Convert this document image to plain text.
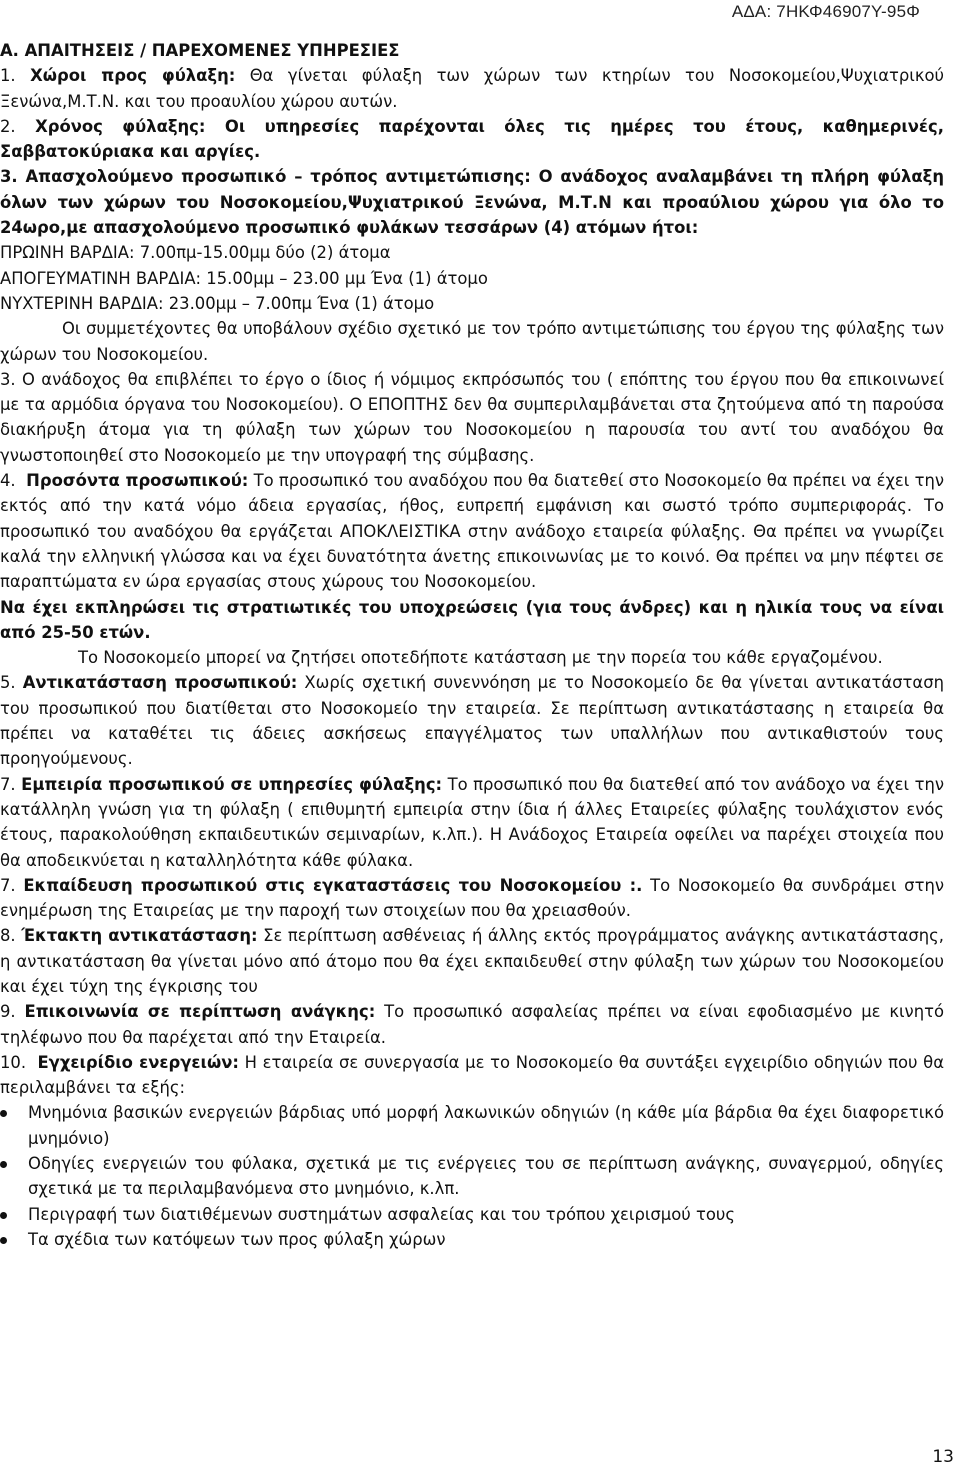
ΑΔΑ: 7ΗΚΦ46907Υ-95Φ

Α. ΑΠΑΙΤΗΣΕΙΣ / ΠΑΡΕΧΟΜΕΝΕΣ ΥΠΗΡΕΣΙΕΣ

1. Χώροι προς φύλαξη: Θα γίνεται φύλαξη των χώρων των κτηρίων του Νοσοκομείου,Ψυχιατρικού Ξενώνα,Μ.Τ.Ν. και του προαυλίου χώρου αυτών.

2. Χρόνος φύλαξης: Οι υπηρεσίες παρέχονται όλες τις ημέρες του έτους, καθημερινές, Σαββατοκύριακα και αργίες.

3. Απασχολούμενο προσωπικό – τρόπος αντιμετώπισης: Ο ανάδοχος αναλαμβάνει τη πλήρη φύλαξη όλων των χώρων του Νοσοκομείου,Ψυχιατρικού Ξενώνα, Μ.Τ.Ν και προαύλιου χώρου για όλο το 24ωρο,με απασχολούμενο προσωπικό φυλάκων τεσσάρων (4) ατόμων ήτοι:

ΠΡΩΙΝΗ ΒΑΡΔΙΑ: 7.00πμ-15.00μμ δύο (2) άτομα

ΑΠΟΓΕΥΜΑΤΙΝΗ ΒΑΡΔΙΑ: 15.00μμ – 23.00 μμ Ένα (1) άτομο

ΝΥΧΤΕΡΙΝΗ ΒΑΡΔΙΑ: 23.00μμ – 7.00πμ Ένα (1) άτομο

Οι συμμετέχοντες θα υποβάλουν σχέδιο σχετικό με τον τρόπο αντιμετώπισης του έργου της φύλαξης των χώρων του Νοσοκομείου.

3. Ο ανάδοχος θα επιβλέπει το έργο ο ίδιος ή νόμιμος εκπρόσωπός του ( επόπτης του έργου που θα επικοινωνεί με τα αρμόδια όργανα του Νοσοκομείου). Ο ΕΠΟΠΤΗΣ δεν θα συμπεριλαμβάνεται στα ζητούμενα από τη παρούσα διακήρυξη άτομα για τη φύλαξη των χώρων του Νοσοκομείου η παρουσία του αντί του αναδόχου θα γνωστοποιηθεί στο Νοσοκομείο με την υπογραφή της σύμβασης.

4. Προσόντα προσωπικού: Το προσωπικό του αναδόχου που θα διατεθεί στο Νοσοκομείο θα πρέπει να έχει την εκτός από την κατά νόμο άδεια εργασίας, ήθος, ευπρεπή εμφάνιση και σωστό τρόπο συμπεριφοράς. Το προσωπικό του αναδόχου θα εργάζεται ΑΠΟΚΛΕΙΣΤΙΚΑ στην ανάδοχο εταιρεία φύλαξης. Θα πρέπει να γνωρίζει καλά την ελληνική γλώσσα και να έχει δυνατότητα άνετης επικοινωνίας με το κοινό. Θα πρέπει να μην πέφτει σε παραπτώματα εν ώρα εργασίας στους χώρους του Νοσοκομείου.

Να έχει εκπληρώσει τις στρατιωτικές του υποχρεώσεις (για τους άνδρες) και η ηλικία τους να είναι από 25-50 ετών.

Το Νοσοκομείο μπορεί να ζητήσει οποτεδήποτε κατάσταση με την πορεία του κάθε εργαζομένου.

5. Αντικατάσταση προσωπικού: Χωρίς σχετική συνεννόηση με το Νοσοκομείο δε θα γίνεται αντικατάσταση του προσωπικού που διατίθεται στο Νοσοκομείο την εταιρεία. Σε περίπτωση αντικατάστασης η εταιρεία θα πρέπει να καταθέτει τις άδειες ασκήσεως επαγγέλματος των υπαλλήλων που αντικαθιστούν τους προηγούμενους.

7. Εμπειρία προσωπικού σε υπηρεσίες φύλαξης: Το προσωπικό που θα διατεθεί από τον ανάδοχο να έχει την κατάλληλη γνώση για τη φύλαξη ( επιθυμητή εμπειρία στην ίδια ή άλλες Εταιρείες φύλαξης τουλάχιστον ενός έτους, παρακολούθηση εκπαιδευτικών σεμιναρίων, κ.λπ.). Η Ανάδοχος Εταιρεία οφείλει να παρέχει στοιχεία που θα αποδεικνύεται η καταλληλότητα κάθε φύλακα.

7. Εκπαίδευση προσωπικού στις εγκαταστάσεις του Νοσοκομείου :. Το Νοσοκομείο θα συνδράμει στην ενημέρωση της Εταιρείας με την παροχή των στοιχείων που θα χρειασθούν.

8. Έκτακτη αντικατάσταση: Σε περίπτωση ασθένειας ή άλλης εκτός προγράμματος ανάγκης αντικατάστασης, η αντικατάσταση θα γίνεται μόνο από άτομο που θα έχει εκπαιδευθεί στην φύλαξη των χώρων του Νοσοκομείου και έχει τύχη της έγκρισης του

9. Επικοινωνία σε περίπτωση ανάγκης: Το προσωπικό ασφαλείας πρέπει να είναι εφοδιασμένο με κινητό τηλέφωνο που θα παρέχεται από την Εταιρεία.

10. Εγχειρίδιο ενεργειών: Η εταιρεία σε συνεργασία με το Νοσοκομείο θα συντάξει εγχειρίδιο οδηγιών που θα περιλαμβάνει τα εξής:

Μνημόνια βασικών ενεργειών βάρδιας υπό μορφή λακωνικών οδηγιών (η κάθε μία βάρδια θα έχει διαφορετικό μνημόνιο)
Οδηγίες ενεργειών του φύλακα, σχετικά με τις ενέργειες του σε περίπτωση ανάγκης, συναγερμού, οδηγίες σχετικά με τα περιλαμβανόμενα στο μνημόνιο, κ.λπ.
Περιγραφή των διατιθέμενων συστημάτων ασφαλείας και του τρόπου χειρισμού τους
Τα σχέδια των κατόψεων των προς φύλαξη χώρων
13
